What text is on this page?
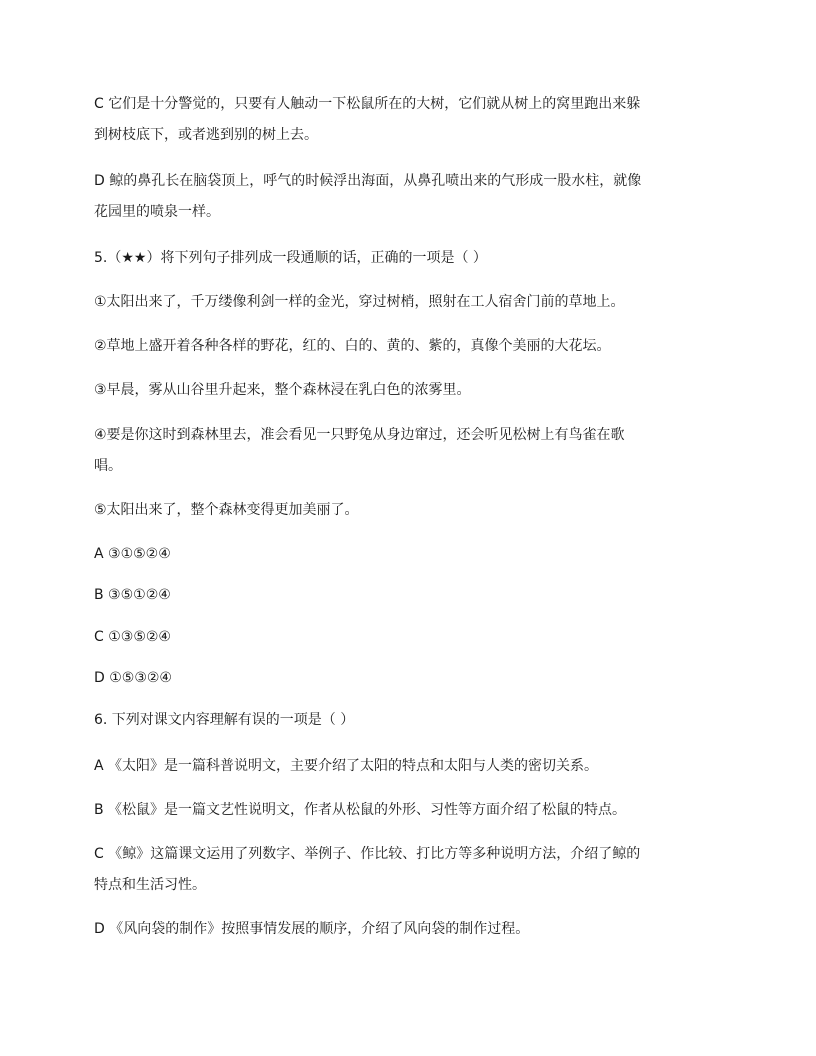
C 它们是十分警觉的，只要有人触动一下松鼠所在的大树，它们就从树上的窝里跑出来躲

到树枝底下，或者逃到别的树上去。

D 鲸的鼻孔长在脑袋顶上，呼气的时候浮出海面，从鼻孔喷出来的气形成一股水柱，就像

花园里的喷泉一样。

5.（★★）将下列句子排列成一段通顺的话，正确的一项是（ ）

①太阳出来了，千万缕像利剑一样的金光，穿过树梢，照射在工人宿舍门前的草地上。

②草地上盛开着各种各样的野花，红的、白的、黄的、紫的，真像个美丽的大花坛。

③早晨，雾从山谷里升起来，整个森林浸在乳白色的浓雾里。

④要是你这时到森林里去，准会看见一只野兔从身边窜过，还会听见松树上有鸟雀在歌

唱。

⑤太阳出来了，整个森林变得更加美丽了。

A ③①⑤②④

B ③⑤①②④

C ①③⑤②④

D ①⑤③②④

6. 下列对课文内容理解有误的一项是（ ）

A 《太阳》是一篇科普说明文，主要介绍了太阳的特点和太阳与人类的密切关系。

B 《松鼠》是一篇文艺性说明文，作者从松鼠的外形、习性等方面介绍了松鼠的特点。

C 《鲸》这篇课文运用了列数字、举例子、作比较、打比方等多种说明方法，介绍了鲸的

特点和生活习性。

D 《风向袋的制作》按照事情发展的顺序，介绍了风向袋的制作过程。
